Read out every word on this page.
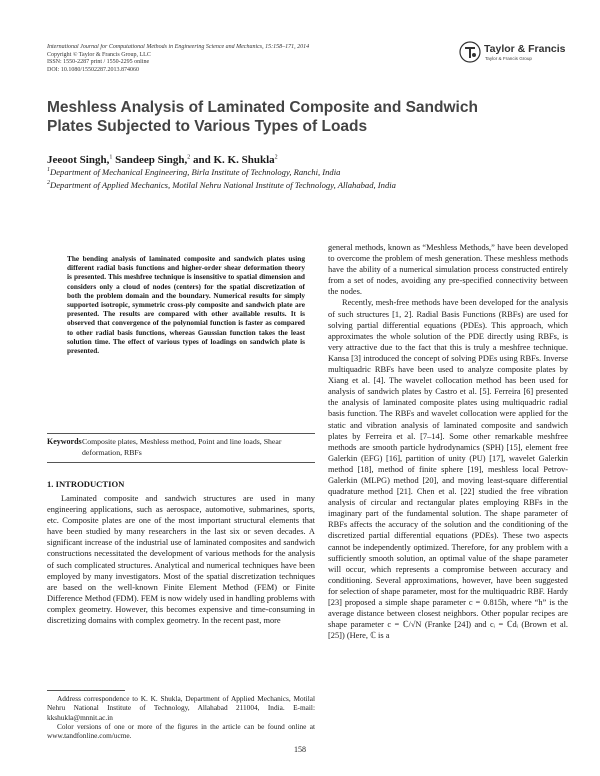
International Journal for Computational Methods in Engineering Science and Mechanics, 15:158–171, 2014
Copyright © Taylor & Francis Group, LLC
ISSN: 1550-2287 print / 1550-2295 online
DOI: 10.1080/15502287.2013.874060
Taylor & Francis
Taylor & Francis Group
Meshless Analysis of Laminated Composite and Sandwich
Plates Subjected to Various Types of Loads
Jeeoot Singh,$^1$ Sandeep Singh,$^2$ and K. K. Shukla$^2$
$^1$Department of Mechanical Engineering, Birla Institute of Technology, Ranchi, India
$^2$Department of Applied Mechanics, Motilal Nehru National Institute of Technology, Allahabad, India
The bending analysis of laminated composite and sandwich plates using different radial basis functions and higher-order shear deformation theory is presented. This meshfree technique is insensitive to spatial dimension and considers only a cloud of nodes (centers) for the spatial discretization of both the problem domain and the boundary. Numerical results for simply supported isotropic, symmetric cross-ply composite and sandwich plate are presented. The results are compared with other available results. It is observed that convergence of the polynomial function is faster as compared to other radial basis functions, whereas Gaussian function takes the least solution time. The effect of various types of loadings on sandwich plate is presented.
Keywords Composite plates, Meshless method, Point and line loads, Shear deformation, RBFs
1. INTRODUCTION

Laminated composite and sandwich structures are used in many engineering applications, such as aerospace, automotive, submarines, sports, etc. Composite plates are one of the most important structural elements that have been studied by many researchers in the last six or seven decades. A significant increase of the industrial use of laminated composites and sandwich constructions necessitated the development of various methods for the analysis of such complicated structures. Analytical and numerical techniques have been employed by many investigators. Most of the spatial discretization techniques are based on the well-known Finite Element Method (FEM) or Finite Difference Method (FDM). FEM is now widely used in handling problems with complex geometry. However, this becomes expensive and time-consuming in discretizing domains with complex geometry. In the recent past, more

Address correspondence to K. K. Shukla, Department of Applied Mechanics, Motilal Nehru National Institute of Technology, Allahabad 211004, India. E-mail: kkshukla@mnnit.ac.in

Color versions of one or more of the figures in the article can be found online at www.tandfonline.com/ucme.

general methods, known as “Meshless Methods,” have been developed to overcome the problem of mesh generation. These meshless methods have the ability of a numerical simulation process constructed entirely from a set of nodes, avoiding any pre-specified connectivity between the nodes.

Recently, mesh-free methods have been developed for the analysis of such structures [1, 2]. Radial Basis Functions (RBFs) are used for solving partial differential equations (PDEs). This approach, which approximates the whole solution of the PDE directly using RBFs, is very attractive due to the fact that this is truly a meshfree technique. Kansa [3] introduced the concept of solving PDEs using RBFs. Inverse multiquadric RBFs have been used to analyze composite plates by Xiang et al. [4]. The wavelet collocation method has been used for analysis of sandwich plates by Castro et al. [5]. Ferreira [6] presented the analysis of laminated composite plates using multiquadric radial basis function. The RBFs and wavelet collocation were applied for the static and vibration analysis of laminated composite and sandwich plates by Ferreira et al. [7–14]. Some other remarkable meshfree methods are smooth particle hydrodynamics (SPH) [15], element free Galerkin (EFG) [16], partition of unity (PU) [17], wavelet Galerkin method [18], method of finite sphere [19], meshless local Petrov-Galerkin (MLPG) method [20], and moving least-square differential quadrature method [21]. Chen et al. [22] studied the free vibration analysis of circular and rectangular plates employing RBFs in the imaginary part of the fundamental solution. The shape parameter of RBFs affects the accuracy of the solution and the conditioning of the discretized partial differential equations (PDEs). These two aspects cannot be independently optimized. Therefore, for any problem with a sufficiently smooth solution, an optimal value of the shape parameter will occur, which represents a compromise between accuracy and conditioning. Several approximations, however, have been suggested for selection of shape parameter, most for the multiquadric RBF. Hardy [23] proposed a simple shape parameter c = 0.815h, where “h” is the average distance between closest neighbors. Other popular recipes are shape parameter c = ℂ/√N (Franke [24]) and cᵢ = ℂdᵢ (Brown et al. [25]) (Here, ℂ is a

158
